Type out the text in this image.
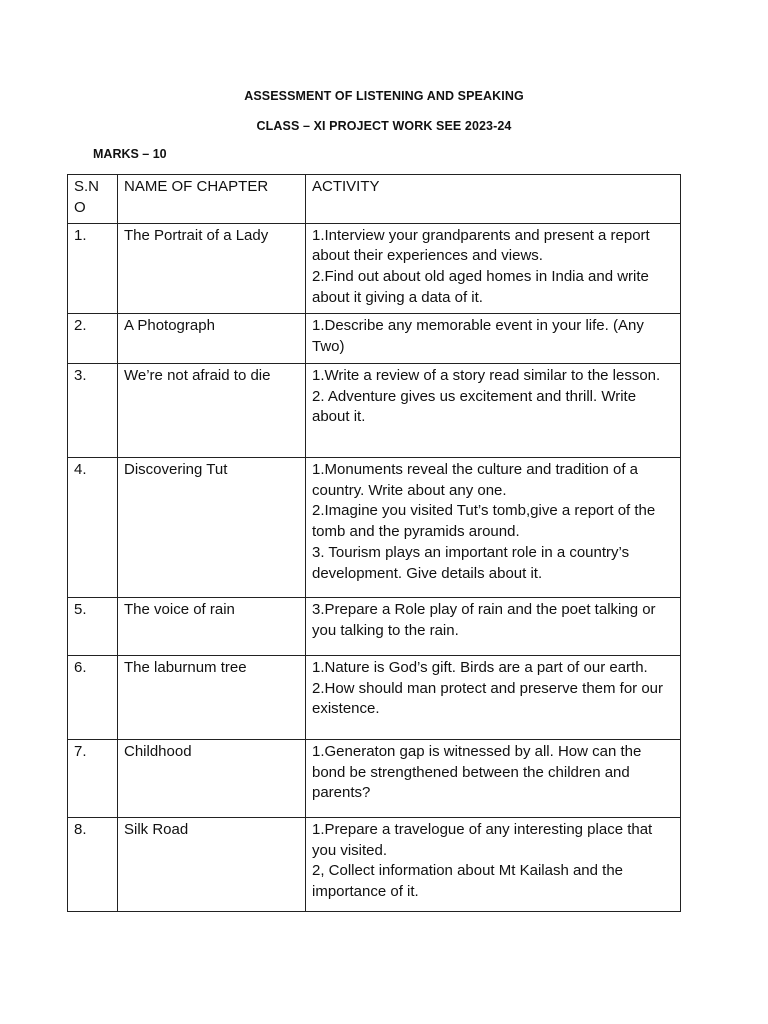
ASSESSMENT OF LISTENING AND SPEAKING
CLASS – XI PROJECT WORK SEE 2023-24
MARKS – 10
S.N O	NAME OF CHAPTER	ACTIVITY
1.	The Portrait of a Lady	1.Interview your grandparents and present a report about their experiences and views.
2.Find out about old aged homes in India and write about it giving a data of it.

2.	A Photograph	1.Describe any memorable event in your life. (Any Two)

3.	We’re not afraid to die	1.Write a review of a story read similar to the lesson.
2. Adventure gives us excitement and thrill. Write about it.

4.	Discovering Tut	1.Monuments reveal the culture and tradition of a country. Write about any one.
2.Imagine you visited Tut’s tomb,give a report of the tomb and the pyramids around.
3. Tourism plays an important role in a country’s development. Give details about it.

5.	The voice of rain	3.Prepare a Role play of rain and the poet talking or you talking to the rain.

6.	The laburnum tree	1.Nature is God’s gift. Birds are a part of our earth.
2.How should man protect and preserve them for our existence.

7.	Childhood	1.Generaton gap is witnessed by all. How can the bond be strengthened between the children and parents?

8.	Silk Road	1.Prepare a travelogue of any interesting place that you visited.
2, Collect information about Mt Kailash and the importance of it.
